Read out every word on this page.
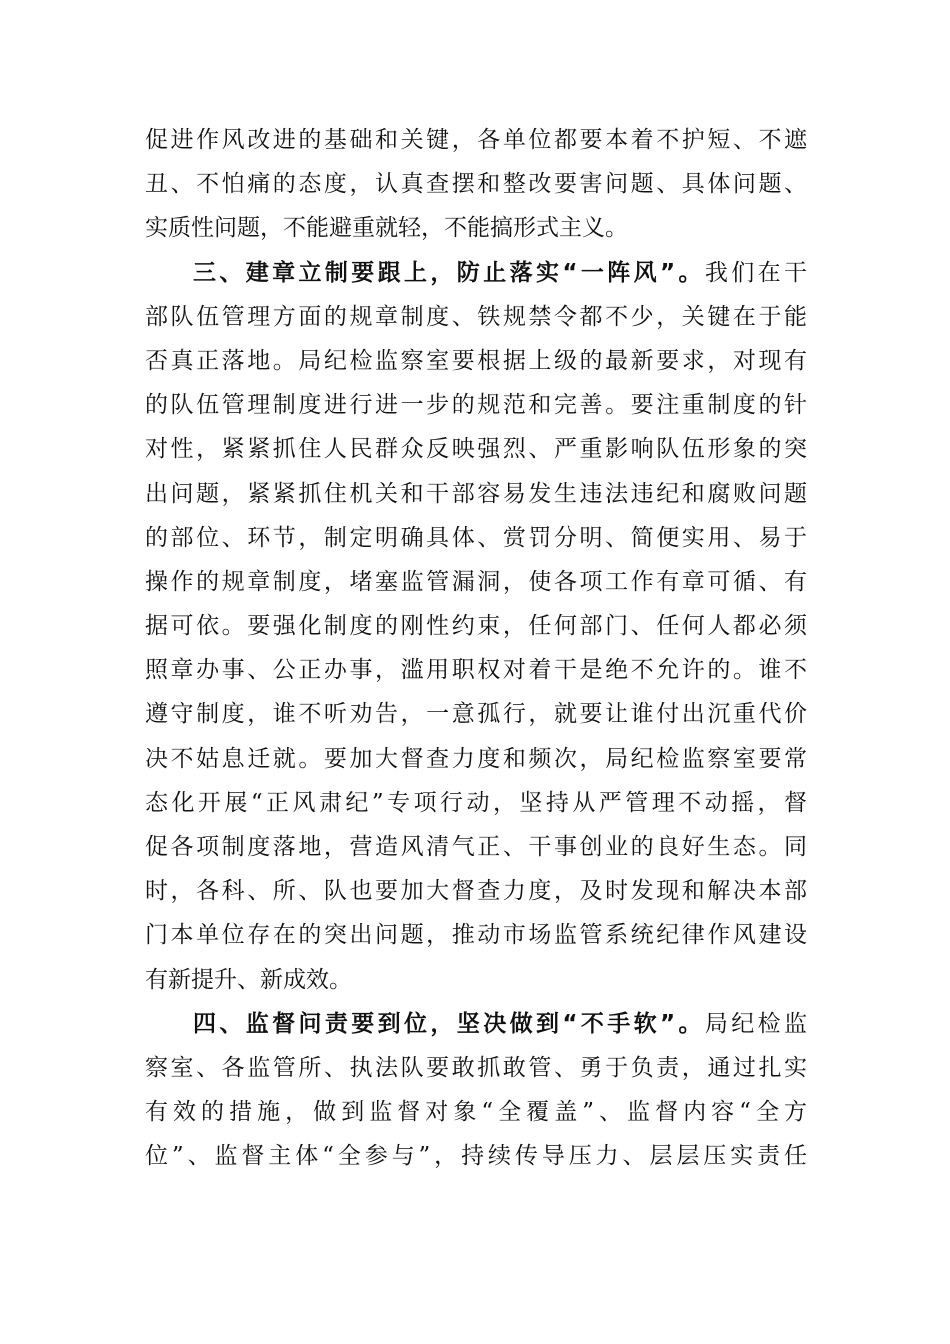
促进作风改进的基础和关键，各单位都要本着不护短、不遮
丑、不怕痛的态度，认真查摆和整改要害问题、具体问题、
实质性问题，不能避重就轻，不能搞形式主义。
三、建章立制要跟上，防止落实“一阵风”。我们在干
部队伍管理方面的规章制度、铁规禁令都不少，关键在于能
否真正落地。局纪检监察室要根据上级的最新要求，对现有
的队伍管理制度进行进一步的规范和完善。要注重制度的针
对性，紧紧抓住人民群众反映强烈、严重影响队伍形象的突
出问题，紧紧抓住机关和干部容易发生违法违纪和腐败问题
的部位、环节，制定明确具体、赏罚分明、简便实用、易于
操作的规章制度，堵塞监管漏洞，使各项工作有章可循、有
据可依。要强化制度的刚性约束，任何部门、任何人都必须
照章办事、公正办事，滥用职权对着干是绝不允许的。谁不
遵守制度，谁不听劝告，一意孤行，就要让谁付出沉重代价
决不姑息迁就。要加大督查力度和频次，局纪检监察室要常
态化开展“正风肃纪”专项行动，坚持从严管理不动摇，督
促各项制度落地，营造风清气正、干事创业的良好生态。同
时，各科、所、队也要加大督查力度，及时发现和解决本部
门本单位存在的突出问题，推动市场监管系统纪律作风建设
有新提升、新成效。
四、监督问责要到位，坚决做到“不手软”。局纪检监
察室、各监管所、执法队要敢抓敢管、勇于负责，通过扎实
有效的措施，做到监督对象“全覆盖”、监督内容“全方
位”、监督主体“全参与”，持续传导压力、层层压实责任
